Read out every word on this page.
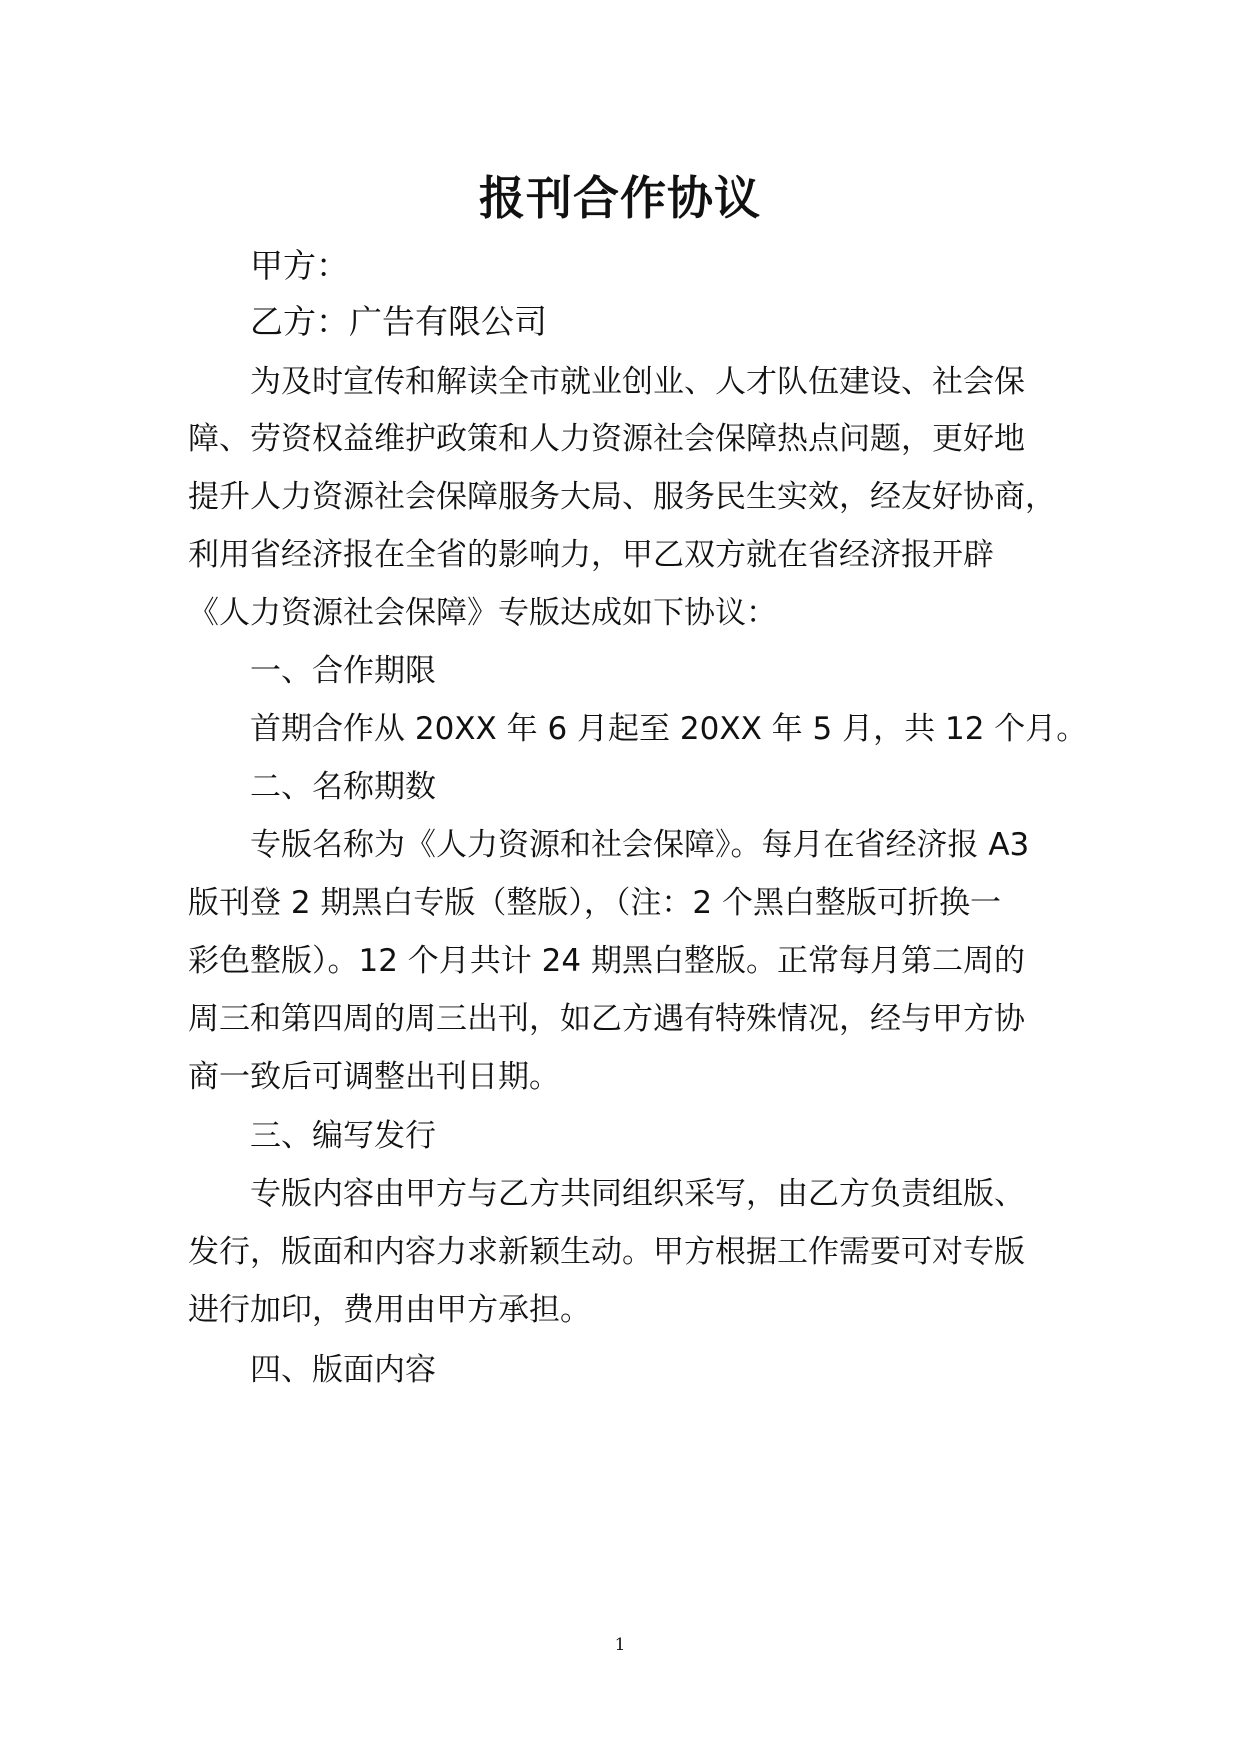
报刊合作协议
甲方：
乙方：广告有限公司
为及时宣传和解读全市就业创业、人才队伍建设、社会保
障、劳资权益维护政策和人力资源社会保障热点问题，更好地
提升人力资源社会保障服务大局、服务民生实效，经友好协商，
利用省经济报在全省的影响力，甲乙双方就在省经济报开辟
《人力资源社会保障》专版达成如下协议：
一、合作期限
首期合作从 20XX 年 6 月起至 20XX 年 5 月，共 12 个月。
二、名称期数
专版名称为《人力资源和社会保障》。每月在省经济报 A3
版刊登 2 期黑白专版（整版），（注：2 个黑白整版可折换一
彩色整版）。12 个月共计 24 期黑白整版。正常每月第二周的
周三和第四周的周三出刊，如乙方遇有特殊情况，经与甲方协
商一致后可调整出刊日期。
三、编写发行
专版内容由甲方与乙方共同组织采写，由乙方负责组版、
发行，版面和内容力求新颖生动。甲方根据工作需要可对专版
进行加印，费用由甲方承担。
四、版面内容
1
